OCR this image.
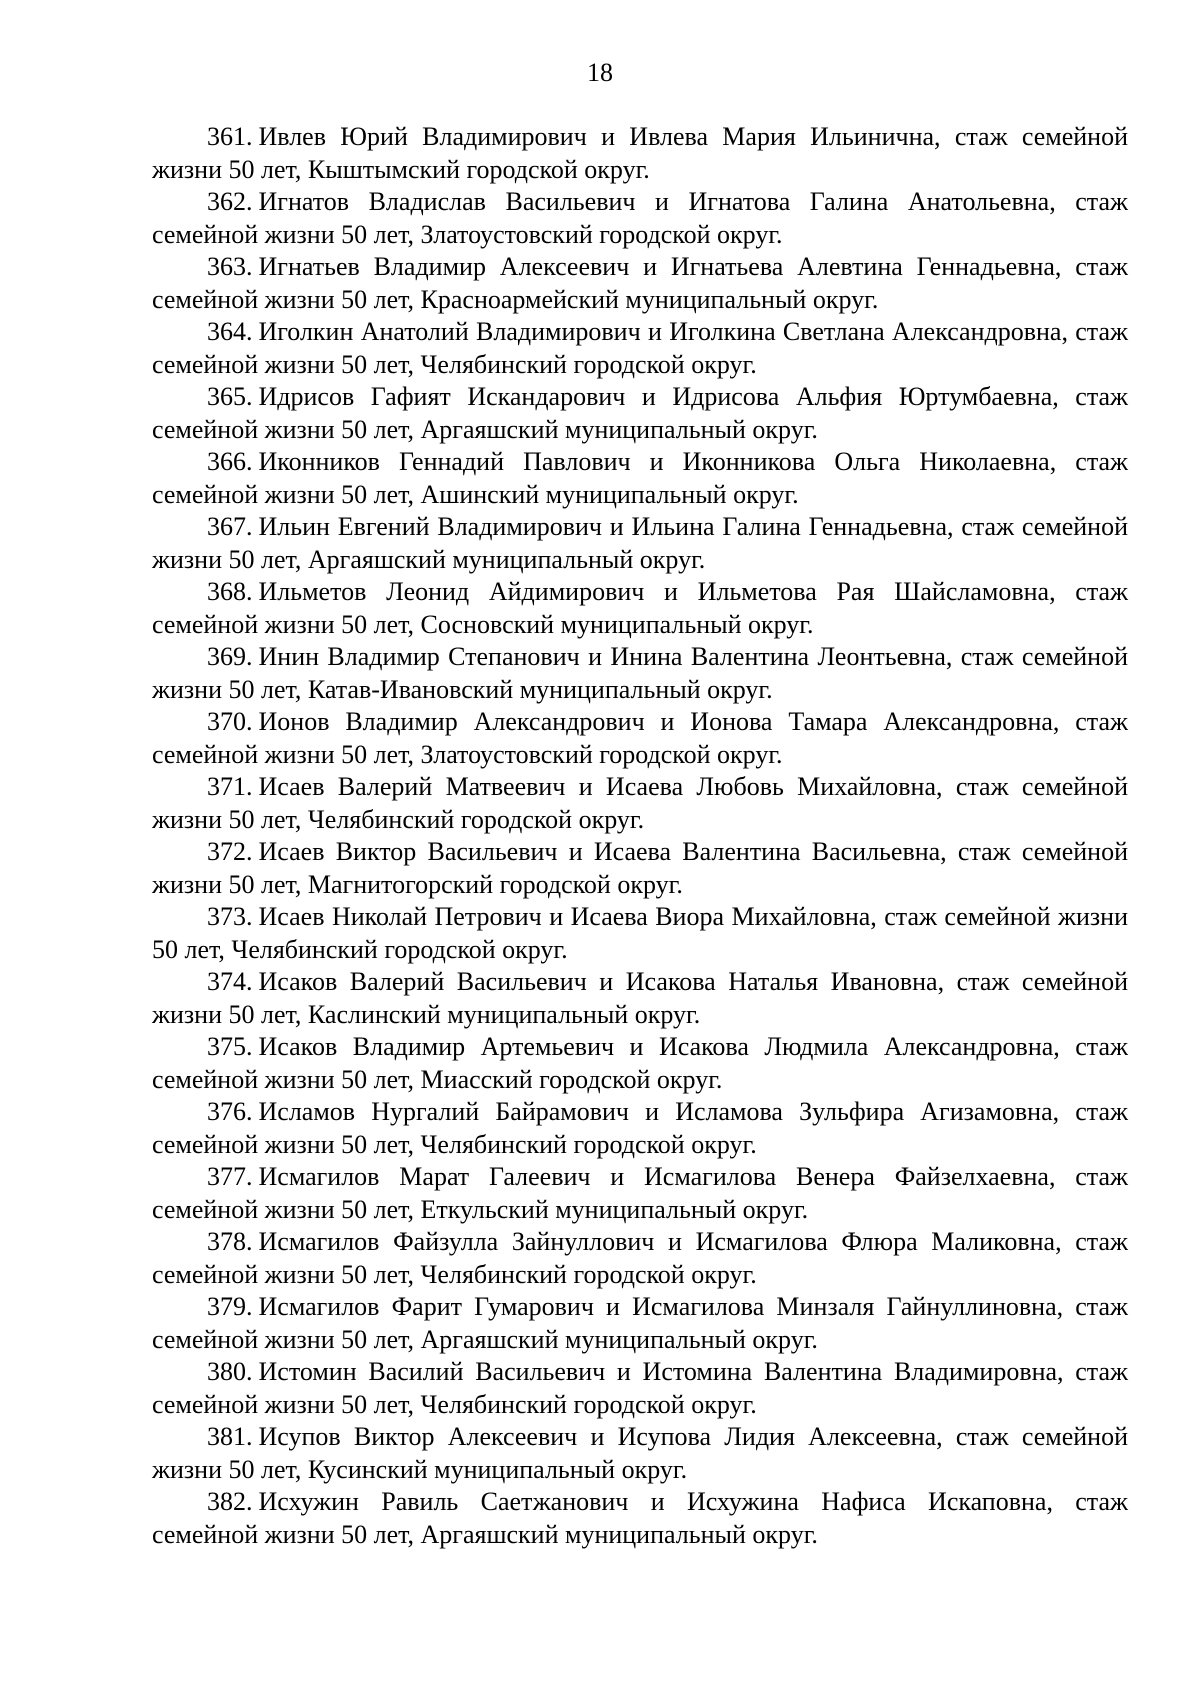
18

361. Ивлев Юрий Владимирович и Ивлева Мария Ильинична, стаж семейной жизни 50 лет, Кыштымский городской округ.

362. Игнатов Владислав Васильевич и Игнатова Галина Анатольевна, стаж семейной жизни 50 лет, Златоустовский городской округ.

363. Игнатьев Владимир Алексеевич и Игнатьева Алевтина Геннадьевна, стаж семейной жизни 50 лет, Красноармейский муниципальный округ.

364. Иголкин Анатолий Владимирович и Иголкина Светлана Александровна, стаж семейной жизни 50 лет, Челябинский городской округ.

365. Идрисов Гафият Искандарович и Идрисова Альфия Юртумбаевна, стаж семейной жизни 50 лет, Аргаяшский муниципальный округ.

366. Иконников Геннадий Павлович и Иконникова Ольга Николаевна, стаж семейной жизни 50 лет, Ашинский муниципальный округ.

367. Ильин Евгений Владимирович и Ильина Галина Геннадьевна, стаж семейной жизни 50 лет, Аргаяшский муниципальный округ.

368. Ильметов Леонид Айдимирович и Ильметова Рая Шайсламовна, стаж семейной жизни 50 лет, Сосновский муниципальный округ.

369. Инин Владимир Степанович и Инина Валентина Леонтьевна, стаж семейной жизни 50 лет, Катав-Ивановский муниципальный округ.

370. Ионов Владимир Александрович и Ионова Тамара Александровна, стаж семейной жизни 50 лет, Златоустовский городской округ.

371. Исаев Валерий Матвеевич и Исаева Любовь Михайловна, стаж семейной жизни 50 лет, Челябинский городской округ.

372. Исаев Виктор Васильевич и Исаева Валентина Васильевна, стаж семейной жизни 50 лет, Магнитогорский городской округ.

373. Исаев Николай Петрович и Исаева Виора Михайловна, стаж семейной жизни 50 лет, Челябинский городской округ.

374. Исаков Валерий Васильевич и Исакова Наталья Ивановна, стаж семейной жизни 50 лет, Каслинский муниципальный округ.

375. Исаков Владимир Артемьевич и Исакова Людмила Александровна, стаж семейной жизни 50 лет, Миасский городской округ.

376. Исламов Нургалий Байрамович и Исламова Зульфира Агизамовна, стаж семейной жизни 50 лет, Челябинский городской округ.

377. Исмагилов Марат Галеевич и Исмагилова Венера Файзелхаевна, стаж семейной жизни 50 лет, Еткульский муниципальный округ.

378. Исмагилов Файзулла Зайнуллович и Исмагилова Флюра Маликовна, стаж семейной жизни 50 лет, Челябинский городской округ.

379. Исмагилов Фарит Гумарович и Исмагилова Минзаля Гайнуллиновна, стаж семейной жизни 50 лет, Аргаяшский муниципальный округ.

380. Истомин Василий Васильевич и Истомина Валентина Владимировна, стаж семейной жизни 50 лет, Челябинский городской округ.

381. Исупов Виктор Алексеевич и Исупова Лидия Алексеевна, стаж семейной жизни 50 лет, Кусинский муниципальный округ.

382. Исхужин Равиль Саетжанович и Исхужина Нафиса Искаповна, стаж семейной жизни 50 лет, Аргаяшский муниципальный округ.
